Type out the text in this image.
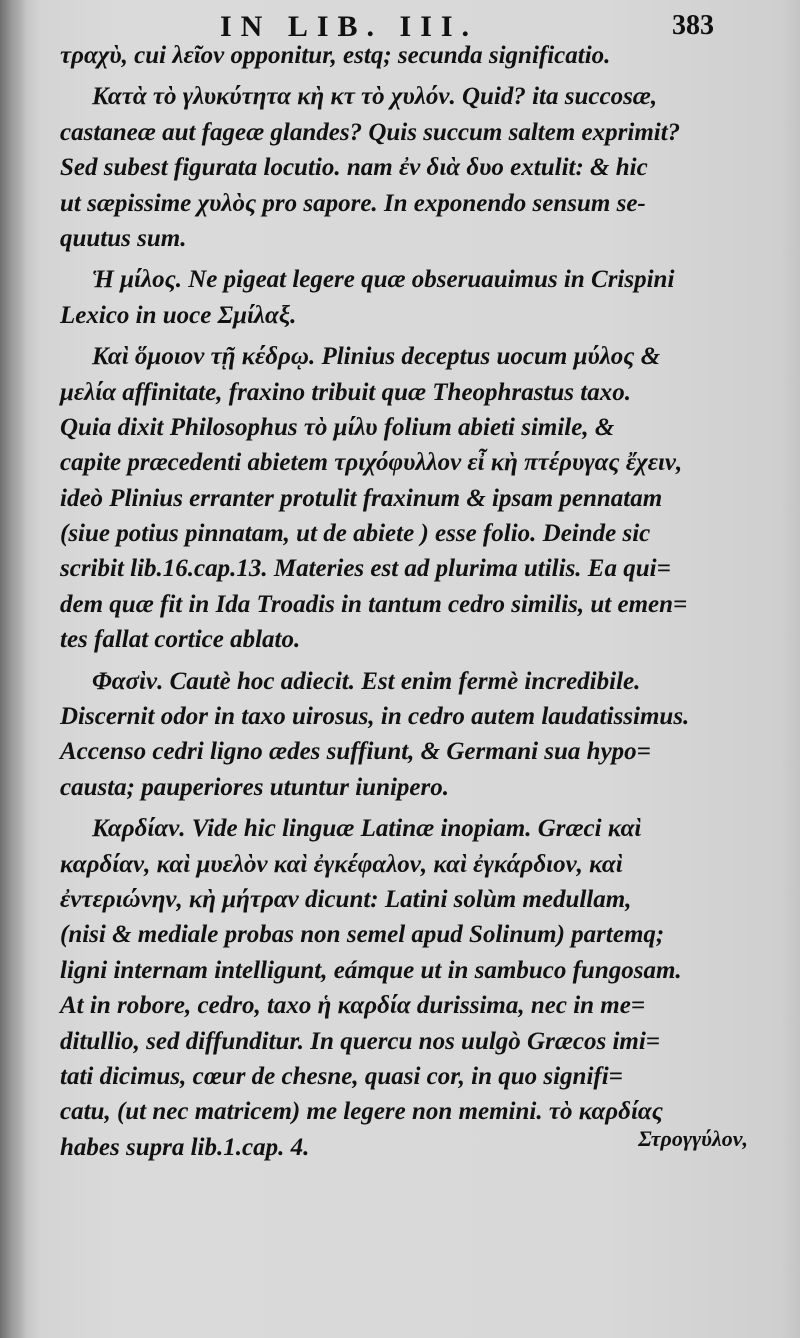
IN LIB. III.	383
τραχὺ, cui λεῖον opponitur, estq; secunda significatio.
Κατὰ τὸ γλυκύτητα κὴ κτ τὸ χυλόν. Quid? ita succosæ,
castaneæ aut fageæ glandes? Quis succum saltem exprimit?
Sed subest figurata locutio. nam ἐν διὰ δυο extulit: & hic
ut sæpissime χυλὸς pro sapore. In exponendo sensum se-
quutus sum.
Ἡ μίλος. Ne pigeat legere quæ obseruauimus in Crispini
Lexico in uoce Σμίλαξ.
Καὶ ὅμοιον τῇ κέδρῳ. Plinius deceptus uocum μύλος &
μελία affinitate, fraxino tribuit quæ Theophrastus taxo.
Quia dixit Philosophus τὸ μίλυ folium abieti simile, &
capite præcedenti abietem τριχόφυλλον εἶ κὴ πτέρυγας ἔχειν,
ideò Plinius erranter protulit fraxinum & ipsam pennatam
(siue potius pinnatam, ut de abiete ) esse folio. Deinde sic
scribit lib.16.cap.13. Materies est ad plurima utilis. Ea qui=
dem quæ fit in Ida Troadis in tantum cedro similis, ut emen=
tes fallat cortice ablato.
Φασὶν. Cautè hoc adiecit. Est enim fermè incredibile.
Discernit odor in taxo uirosus, in cedro autem laudatissimus.
Accenso cedri ligno ædes suffiunt, & Germani sua hypo=
causta; pauperiores utuntur iunipero.
Καρδίαν. Vide hic linguæ Latinæ inopiam. Græci καὶ
καρδίαν, καὶ μυελὸν καὶ ἐγκέφαλον, καὶ ἐγκάρδιον, καὶ
ἐντεριώνην, κὴ μήτραν dicunt: Latini solùm medullam,
(nisi & mediale probas non semel apud Solinum) partemq;
ligni internam intelligunt, eámque ut in sambuco fungosam.
At in robore, cedro, taxo ἡ καρδία durissima, nec in me=
ditullio, sed diffunditur. In quercu nos uulgò Græcos imi=
tati dicimus, cœur de chesne, quasi cor, in quo signifi=
catu, (ut nec matricem) me legere non memini. τὸ καρδίας
habes supra lib.1.cap. 4.	Στρογγύλον,
